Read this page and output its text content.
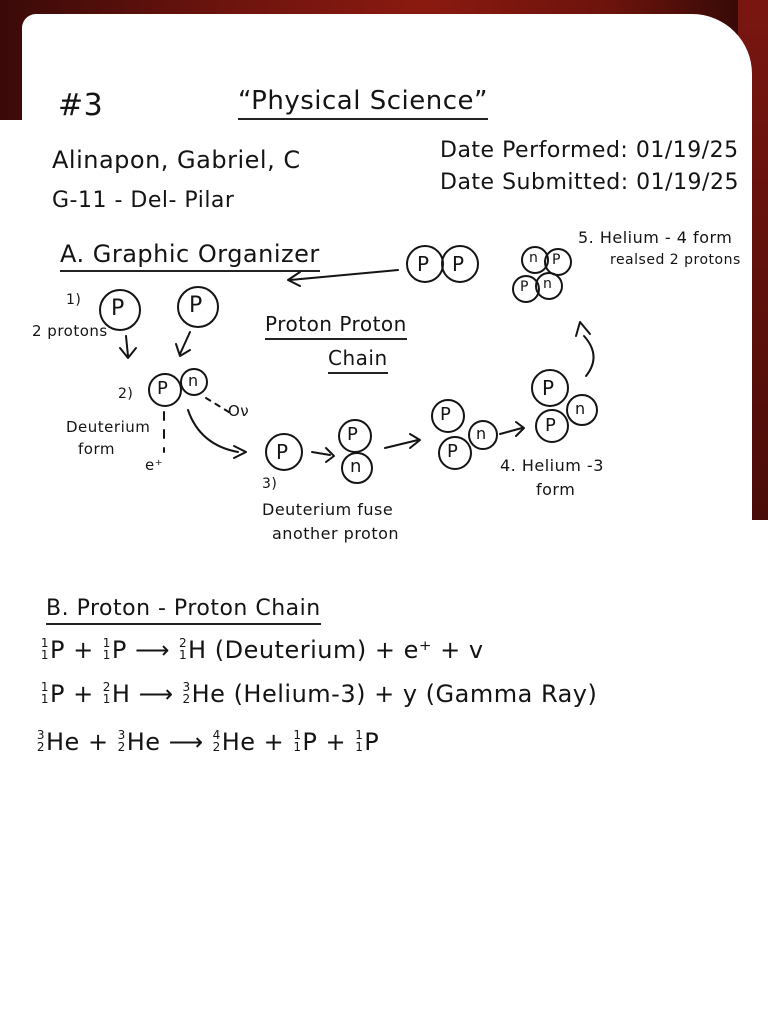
#3	“Physical Science”
Alinapon, Gabriel, C
G-11 - Del- Pilar
Date Performed: 01/19/25
Date Submitted: 01/19/25
A. Graphic Organizer	P P	n P
P n
P	P
P n
P
P
n
P
P
n
P
P
n
Proton Proton
Chain
1)
2 protons
2)
Deuterium
form
e⁺
Oν
3)
Deuterium fuse
another proton
4. Helium -3
form
5. Helium - 4 form
realsed 2 protons
B. Proton - Proton Chain
1
1 P + 1
1 P ⟶ 2
1 H (Deuterium) + e⁺ + v
1
1 P + 2
1 H ⟶ 3
2 He (Helium-3) + y (Gamma Ray)
3
2 He + 3
2 He ⟶ 4
2 He + 1
1 P + 1
1 P
